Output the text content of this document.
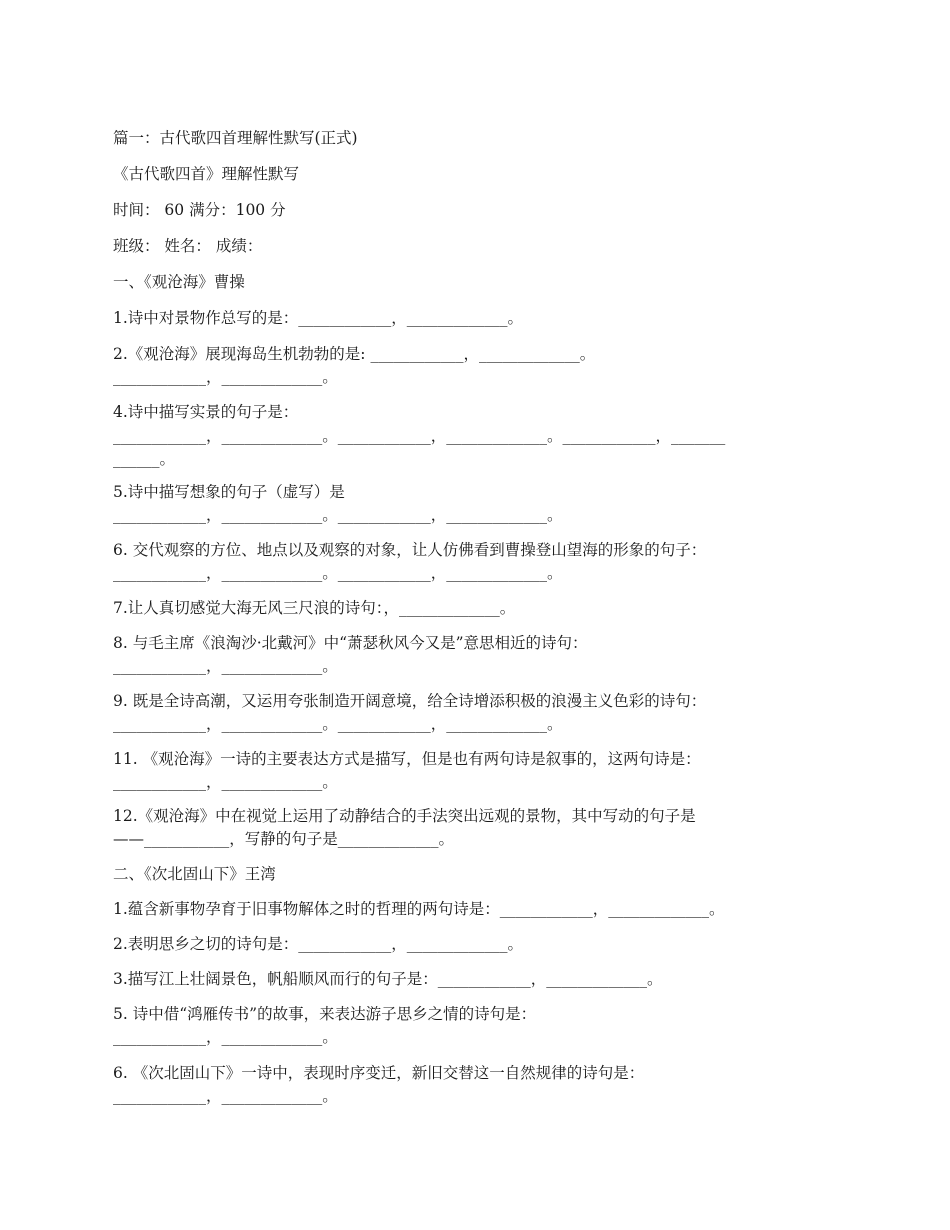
篇一：古代歌四首理解性默写(正式)
《古代歌四首》理解性默写
时间： 60 满分：100 分
班级： 姓名： 成绩：
一、《观沧海》曹操
1.诗中对景物作总写的是：____________，_____________。
2.《观沧海》展现海岛生机勃勃的是: ____________，_____________。
____________，_____________。
4.诗中描写实景的句子是：
____________，_____________。____________，_____________。____________，_______
______。
5.诗中描写想象的句子（虚写）是
____________，_____________。____________，_____________。
6. 交代观察的方位、地点以及观察的对象，让人仿佛看到曹操登山望海的形象的句子：
____________，_____________。____________，_____________。
7.让人真切感觉大海无风三尺浪的诗句：，_____________。
8. 与毛主席《浪淘沙·北戴河》中“萧瑟秋风今又是”意思相近的诗句：
____________，_____________。
9. 既是全诗高潮，又运用夸张制造开阔意境，给全诗增添积极的浪漫主义色彩的诗句：
____________，_____________。____________，_____________。
11. 《观沧海》一诗的主要表达方式是描写，但是也有两句诗是叙事的，这两句诗是：
____________，_____________。
12.《观沧海》中在视觉上运用了动静结合的手法突出远观的景物，其中写动的句子是
——___________，写静的句子是_____________。
二、《次北固山下》王湾
1.蕴含新事物孕育于旧事物解体之时的哲理的两句诗是：____________，_____________。
2.表明思乡之切的诗句是：____________，_____________。
3.描写江上壮阔景色，帆船顺风而行的句子是：____________，_____________。
5. 诗中借“鸿雁传书”的故事，来表达游子思乡之情的诗句是：
____________，_____________。
6. 《次北固山下》一诗中，表现时序变迁，新旧交替这一自然规律的诗句是：
____________，_____________。
